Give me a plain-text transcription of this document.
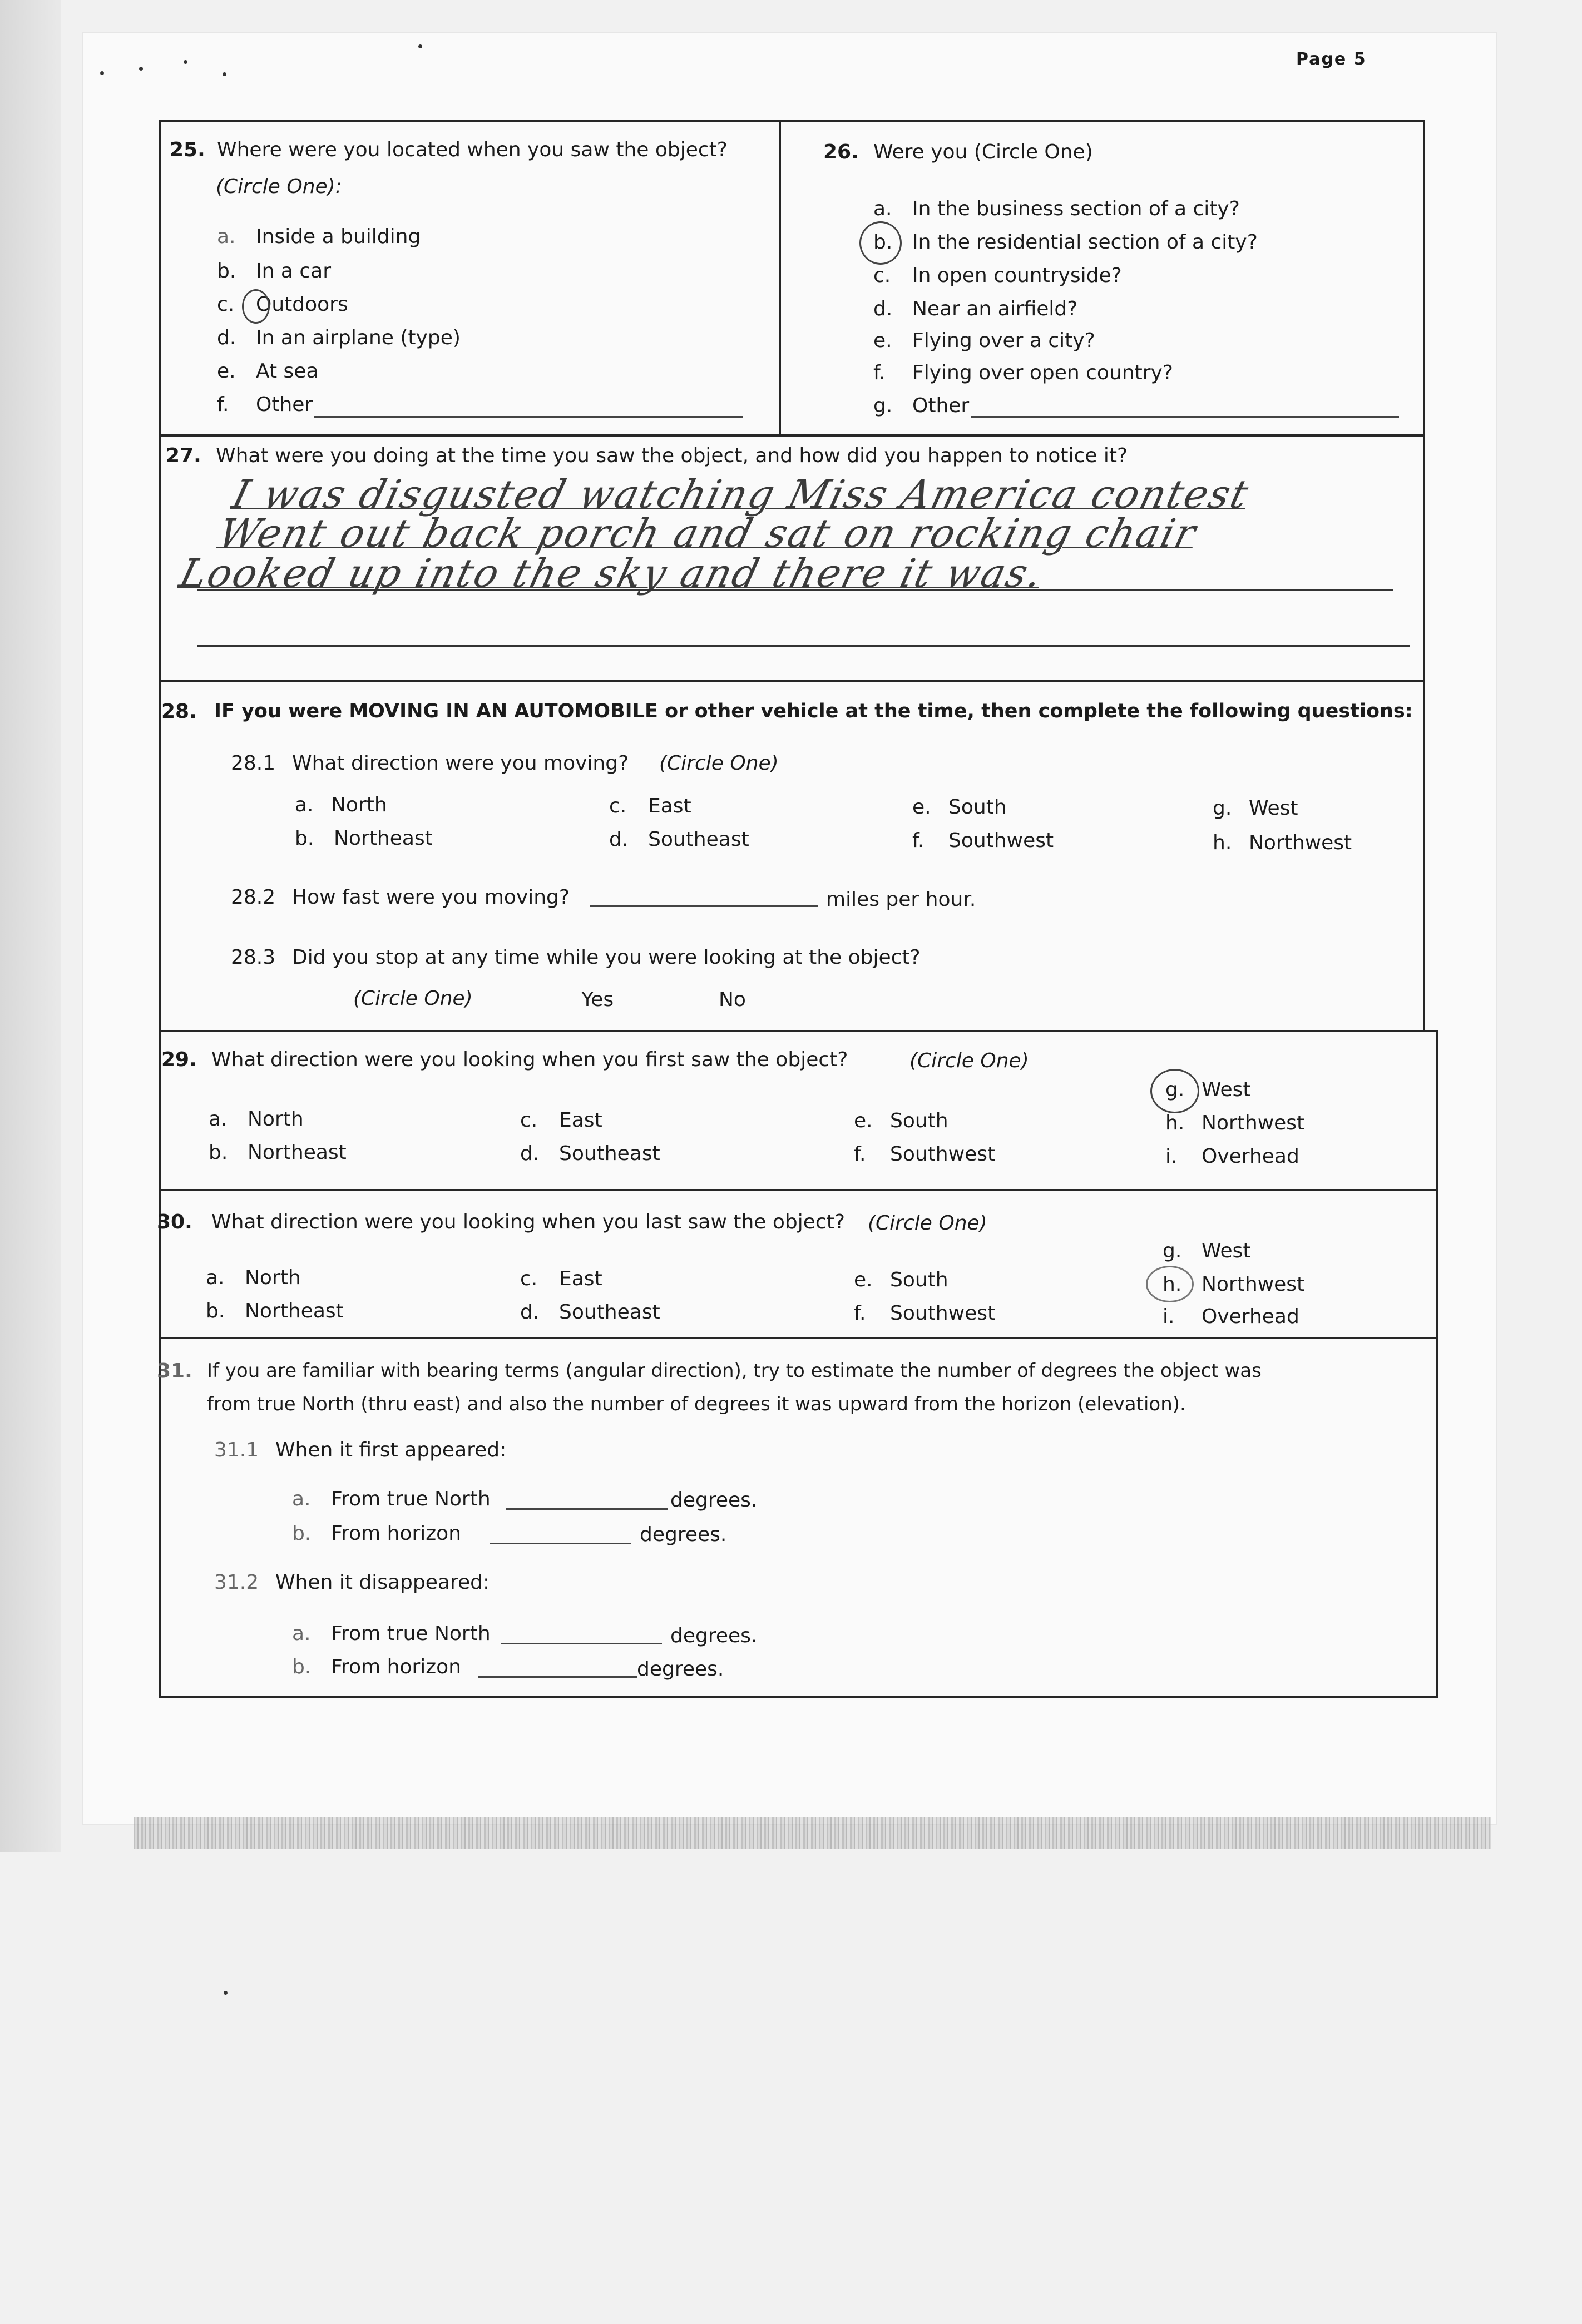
Page 5
25. Where were you located when you saw the object?
(Circle One):
a. Inside a building
b. In a car
c. Outdoors
d. In an airplane (type)
e. At sea
f. Other
26. Were you (Circle One)
a. In the business section of a city?
b. In the residential section of a city?
c. In open countryside?
d. Near an airfield?
e. Flying over a city?
f. Flying over open country?
g. Other
27. What were you doing at the time you saw the object, and how did you happen to notice it?
I was disgusted watching Miss America contest
Went out back porch and sat on rocking chair
Looked up into the sky and there it was.
28. IF you were MOVING IN AN AUTOMOBILE or other vehicle at the time, then complete the following questions:
28.1 What direction were you moving? (Circle One)
a. North
b. Northeast
c. East
d. Southeast
e. South
f. Southwest
g. West
h. Northwest
28.2 How fast were you moving?	miles per hour.
28.3 Did you stop at any time while you were looking at the object?
(Circle One)	Yes	No
29. What direction were you looking when you first saw the object?	(Circle One)
a. North
b. Northeast
c. East
d. Southeast
e. South
f. Southwest
g. West
h. Northwest
i. Overhead
30. What direction were you looking when you last saw the object? (Circle One)
a. North
b. Northeast
c. East
d. Southeast
e. South
f. Southwest
g. West
h. Northwest
i. Overhead
31. If you are familiar with bearing terms (angular direction), try to estimate the number of degrees the object was
from true North (thru east) and also the number of degrees it was upward from the horizon (elevation).
31.1 When it first appeared:
a. From true North	degrees.
b. From horizon	degrees.
31.2 When it disappeared:
a. From true North	degrees.
b. From horizon	degrees.
